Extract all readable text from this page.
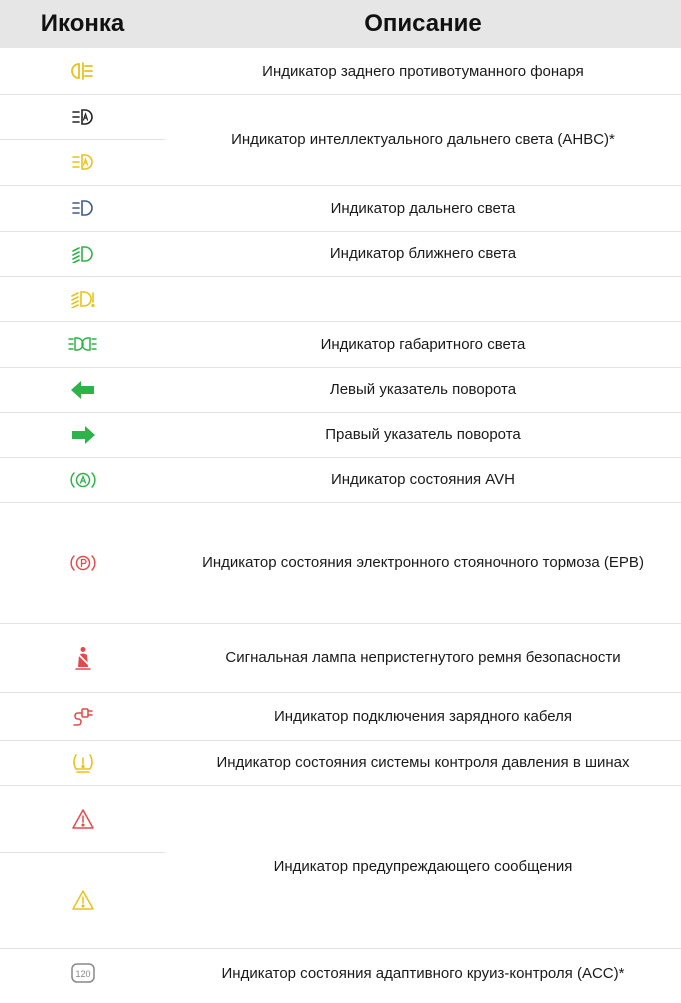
Иконка	Описание
Индикатор заднего противотуманного фонаря
Индикатор интеллектуального дальнего света (AHBC)*
Индикатор дальнего света
Индикатор ближнего света
Индикатор габаритного света
Левый указатель поворота
Правый указатель поворота
Индикатор состояния AVH
Индикатор состояния электронного стояночного тормоза (EPB)
Сигнальная лампа непристегнутого ремня безопасности
Индикатор подключения зарядного кабеля
Индикатор состояния системы контроля давления в шинах
Индикатор предупреждающего сообщения
120	Индикатор состояния адаптивного круиз-контроля (ACC)*
